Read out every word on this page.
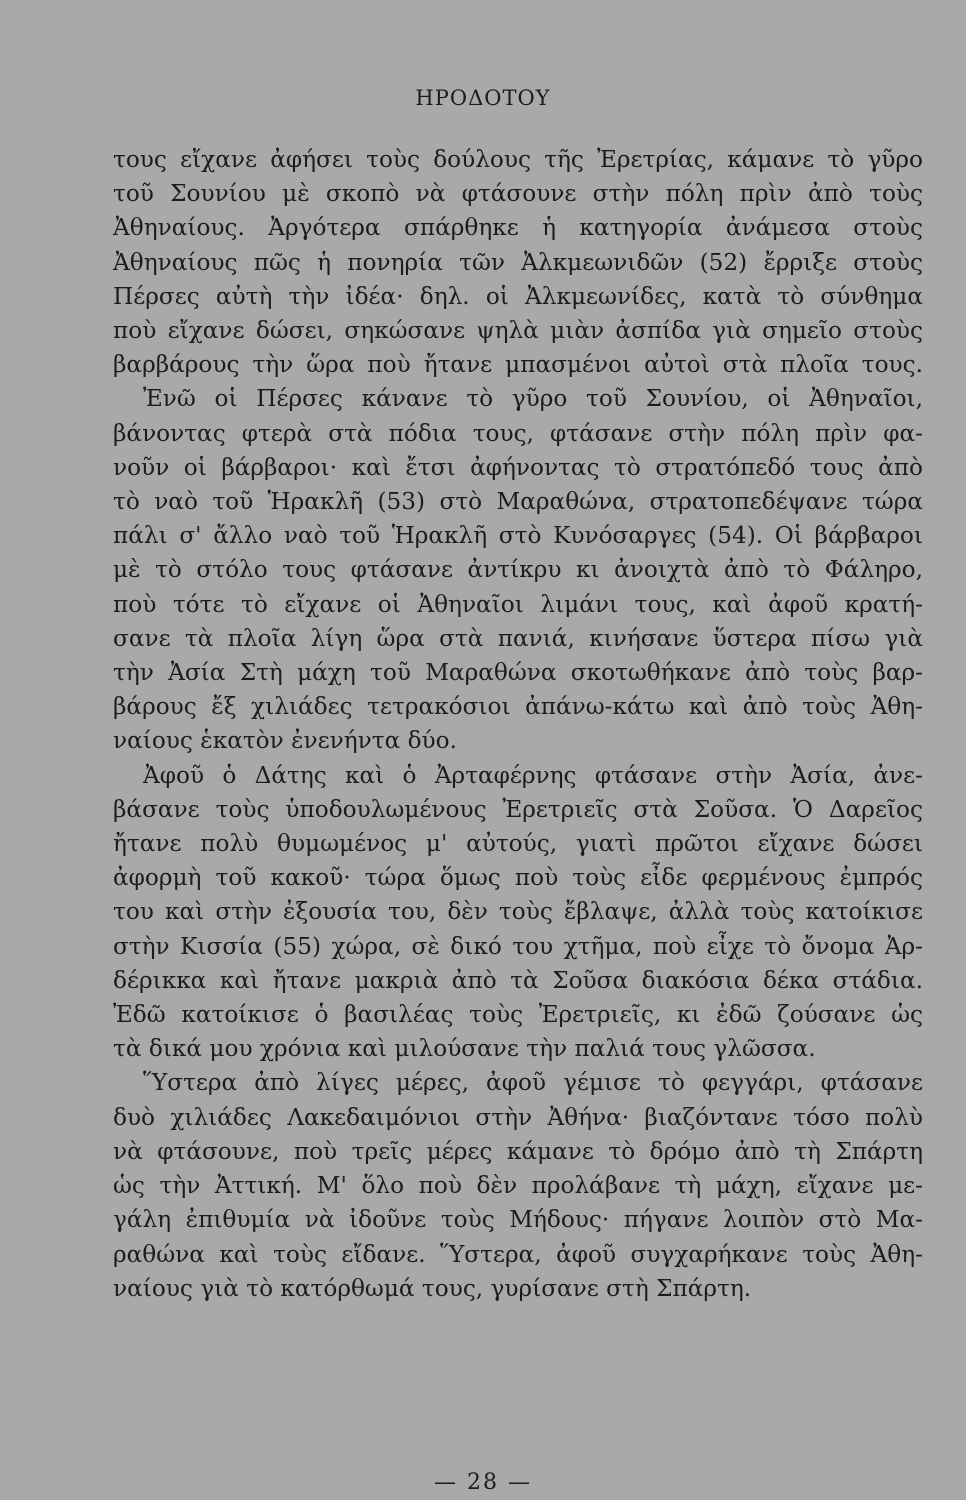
ΗΡΟΔΟΤΟΥ

τους εἴχανε ἀφήσει τοὺς δούλους τῆς Ἐρετρίας, κάμανε τὸ γῦρο
τοῦ Σουνίου μὲ σκοπὸ νὰ φτάσουνε στὴν πόλη πρὶν ἀπὸ τοὺς
Ἀθηναίους. Ἀργότερα σπάρθηκε ἡ κατηγορία ἀνάμεσα στοὺς
Ἀθηναίους πῶς ἡ πονηρία τῶν Ἀλκμεωνιδῶν (52) ἔρριξε στοὺς
Πέρσες αὐτὴ τὴν ἰδέα· δηλ. οἱ Ἀλκμεωνίδες, κατὰ τὸ σύνθημα
ποὺ εἴχανε δώσει, σηκώσανε ψηλὰ μιὰν ἀσπίδα γιὰ σημεῖο στοὺς
βαρβάρους τὴν ὥρα ποὺ ἤτανε μπασμένοι αὐτοὶ στὰ πλοῖα τους.

Ἐνῶ οἱ Πέρσες κάνανε τὸ γῦρο τοῦ Σουνίου, οἱ Ἀθηναῖοι,
βάνοντας φτερὰ στὰ πόδια τους, φτάσανε στὴν πόλη πρὶν φα-
νοῦν οἱ βάρβαροι· καὶ ἔτσι ἀφήνοντας τὸ στρατόπεδό τους ἀπὸ
τὸ ναὸ τοῦ Ἡρακλῆ (53) στὸ Μαραθώνα, στρατοπεδέψανε τώρα
πάλι σ' ἄλλο ναὸ τοῦ Ἡρακλῆ στὸ Κυνόσαργες (54). Οἱ βάρβαροι
μὲ τὸ στόλο τους φτάσανε ἀντίκρυ κι ἀνοιχτὰ ἀπὸ τὸ Φάληρο,
ποὺ τότε τὸ εἴχανε οἱ Ἀθηναῖοι λιμάνι τους, καὶ ἀφοῦ κρατή-
σανε τὰ πλοῖα λίγη ὥρα στὰ πανιά, κινήσανε ὕστερα πίσω γιὰ
τὴν Ἀσία Στὴ μάχη τοῦ Μαραθώνα σκοτωθήκανε ἀπὸ τοὺς βαρ-
βάρους ἔξ χιλιάδες τετρακόσιοι ἀπάνω-κάτω καὶ ἀπὸ τοὺς Ἀθη-
ναίους ἑκατὸν ἐνενήντα δύο.

Ἀφοῦ ὁ Δάτης καὶ ὁ Ἀρταφέρνης φτάσανε στὴν Ἀσία, ἀνε-
βάσανε τοὺς ὑποδουλωμένους Ἐρετριεῖς στὰ Σοῦσα. Ὁ Δαρεῖος
ἤτανε πολὺ θυμωμένος μ' αὐτούς, γιατὶ πρῶτοι εἴχανε δώσει
ἀφορμὴ τοῦ κακοῦ· τώρα ὅμως ποὺ τοὺς εἶδε φερμένους ἐμπρός
του καὶ στὴν ἐξουσία του, δὲν τοὺς ἔβλαψε, ἀλλὰ τοὺς κατοίκισε
στὴν Κισσία (55) χώρα, σὲ δικό του χτῆμα, ποὺ εἶχε τὸ ὄνομα Ἀρ-
δέρικκα καὶ ἤτανε μακριὰ ἀπὸ τὰ Σοῦσα διακόσια δέκα στάδια.
Ἐδῶ κατοίκισε ὁ βασιλέας τοὺς Ἐρετριεῖς, κι ἐδῶ ζούσανε ὡς
τὰ δικά μου χρόνια καὶ μιλούσανε τὴν παλιά τους γλῶσσα.

Ὕστερα ἀπὸ λίγες μέρες, ἀφοῦ γέμισε τὸ φεγγάρι, φτάσανε
δυὸ χιλιάδες Λακεδαιμόνιοι στὴν Ἀθήνα· βιαζόντανε τόσο πολὺ
νὰ φτάσουνε, ποὺ τρεῖς μέρες κάμανε τὸ δρόμο ἀπὸ τὴ Σπάρτη
ὡς τὴν Ἀττική. Μ' ὅλο ποὺ δὲν προλάβανε τὴ μάχη, εἴχανε με-
γάλη ἐπιθυμία νὰ ἰδοῦνε τοὺς Μήδους· πήγανε λοιπὸν στὸ Μα-
ραθώνα καὶ τοὺς εἴδανε. Ὕστερα, ἀφοῦ συγχαρήκανε τοὺς Ἀθη-
ναίους γιὰ τὸ κατόρθωμά τους, γυρίσανε στὴ Σπάρτη.

— 28 —
